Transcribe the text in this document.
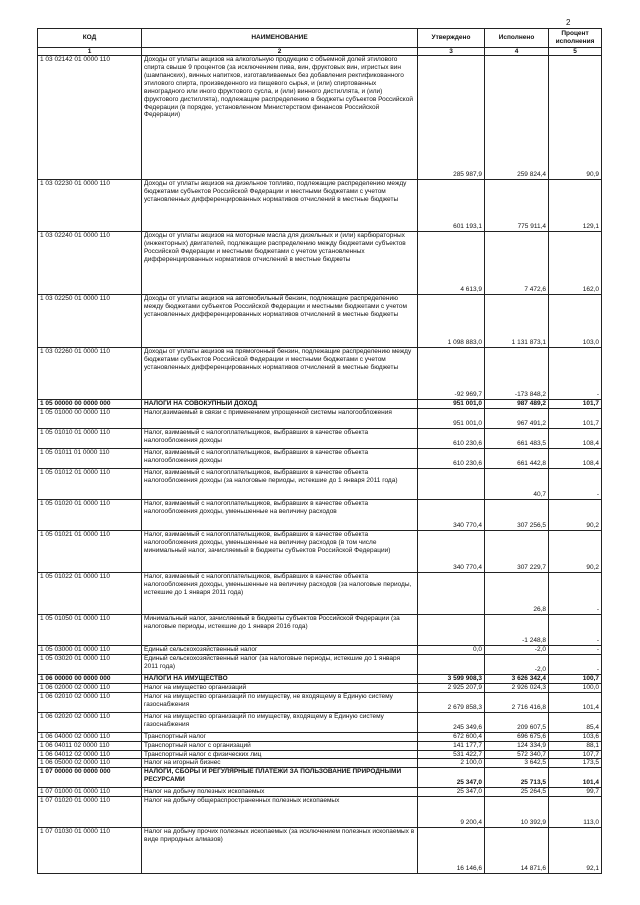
2
КОД	НАИМЕНОВАНИЕ	Утверждено	Исполнено	Процент исполнения
1	2	3	4	5
1 03 02142 01 0000 110	Доходы от уплаты акцизов на алкогольную продукцию с объемной долей этилового спирта свыше 9 процентов (за исключением пива, вин, фруктовых вин, игристых вин (шампанских), винных напитков, изготавливаемых без добавления ректификованного этилового спирта, произведенного из пищевого сырья, и (или) спиртованных виноградного или иного фруктового сусла, и (или) винного дистиллята, и (или) фруктового дистиллята), подлежащие распределению в бюджеты субъектов Российской Федерации (в порядке, установленном Министерством финансов Российской Федерации)	285 987,9	259 824,4	90,9
1 03 02230 01 0000 110	Доходы от уплаты акцизов на дизельное топливо, подлежащие распределению между бюджетами субъектов Российской Федерации и местными бюджетами с учетом установленных дифференцированных нормативов отчислений в местные бюджеты	601 193,1	775 911,4	129,1
1 03 02240 01 0000 110	Доходы от уплаты акцизов на моторные масла для дизельных и (или) карбюраторных (инжекторных) двигателей, подлежащие распределению между бюджетами субъектов Российской Федерации и местными бюджетами с учетом установленных дифференцированных нормативов отчислений в местные бюджеты	4 613,9	7 472,6	162,0
1 03 02250 01 0000 110	Доходы от уплаты акцизов на автомобильный бензин, подлежащие распределению между бюджетами субъектов Российской Федерации и местными бюджетами с учетом установленных дифференцированных нормативов отчислений в местные бюджеты	1 098 883,0	1 131 873,1	103,0
1 03 02260 01 0000 110	Доходы от уплаты акцизов на прямогонный бензин, подлежащие распределению между бюджетами субъектов Российской Федерации и местными бюджетами с учетом установленных дифференцированных нормативов отчислений в местные бюджеты	-92 969,7	-173 848,2	-
1 05 00000 00 0000 000	НАЛОГИ НА СОВОКУПНЫЙ ДОХОД	951 001,0	987 489,2	101,7
1 05 01000 00 0000 110	Налог,взимаемый в связи с применением упрощенной системы налогообложения	951 001,0	967 491,2	101,7
1 05 01010 01 0000 110	Налог, взимаемый с налогоплательщиков, выбравших в качестве объекта налогообложения доходы	610 230,6	661 483,5	108,4
1 05 01011 01 0000 110	Налог, взимаемый с налогоплательщиков, выбравших в качестве объекта налогообложения доходы	610 230,6	661 442,8	108,4
1 05 01012 01 0000 110	Налог, взимаемый с налогоплательщиков, выбравших в качестве объекта налогообложения доходы (за налоговые периоды, истекшие до 1 января 2011 года)		40,7	-
1 05 01020 01 0000 110	Налог, взимаемый с налогоплательщиков, выбравших в качестве объекта налогообложения доходы, уменьшенные на величину расходов	340 770,4	307 256,5	90,2
1 05 01021 01 0000 110	Налог, взимаемый с налогоплательщиков, выбравших в качестве объекта налогообложения доходы, уменьшенные на величину расходов (в том числе минимальный налог, зачисляемый в бюджеты субъектов Российской Федерации)	340 770,4	307 229,7	90,2
1 05 01022 01 0000 110	Налог, взимаемый с налогоплательщиков, выбравших в качестве объекта налогообложения доходы, уменьшенные на величину расходов (за налоговые периоды, истекшие до 1 января 2011 года)		26,8	-
1 05 01050 01 0000 110	Минимальный налог, зачисляемый в бюджеты субъектов Российской Федерации (за налоговые периоды, истекшие до 1 января 2016 года)		-1 248,8	-
1 05 03000 01 0000 110	Единый сельскохозяйственный налог	0,0	-2,0	-
1 05 03020 01 0000 110	Единый сельскохозяйственный налог (за налоговые периоды, истекшие до 1 января 2011 года)		-2,0	-
1 06 00000 00 0000 000	НАЛОГИ НА ИМУЩЕСТВО	3 599 908,3	3 626 342,4	100,7
1 06 02000 02 0000 110	Налог на имущество организаций	2 925 207,9	2 926 024,3	100,0
1 06 02010 02 0000 110	Налог на имущество организаций по имуществу, не входящему в Единую систему газоснабжения	2 679 858,3	2 716 416,8	101,4
1 06 02020 02 0000 110	Налог на имущество организаций по имуществу, входящему в Единую систему газоснабжения	245 349,6	209 607,5	85,4
1 06 04000 02 0000 110	Транспортный налог	672 600,4	696 675,6	103,6
1 06 04011 02 0000 110	Транспортный налог с организаций	141 177,7	124 334,9	88,1
1 06 04012 02 0000 110	Транспортный налог с физических лиц	531 422,7	572 340,7	107,7
1 06 05000 02 0000 110	Налог на игорный бизнес	2 100,0	3 642,5	173,5
1 07 00000 00 0000 000	НАЛОГИ, СБОРЫ И РЕГУЛЯРНЫЕ ПЛАТЕЖИ ЗА ПОЛЬЗОВАНИЕ ПРИРОДНЫМИ РЕСУРСАМИ	25 347,0	25 713,5	101,4
1 07 01000 01 0000 110	Налог на добычу полезных ископаемых	25 347,0	25 264,5	99,7
1 07 01020 01 0000 110	Налог на добычу общераспространенных полезных ископаемых	9 200,4	10 392,9	113,0
1 07 01030 01 0000 110	Налог на добычу прочих полезных ископаемых (за исключением полезных ископаемых в виде природных алмазов)	16 146,6	14 871,6	92,1
